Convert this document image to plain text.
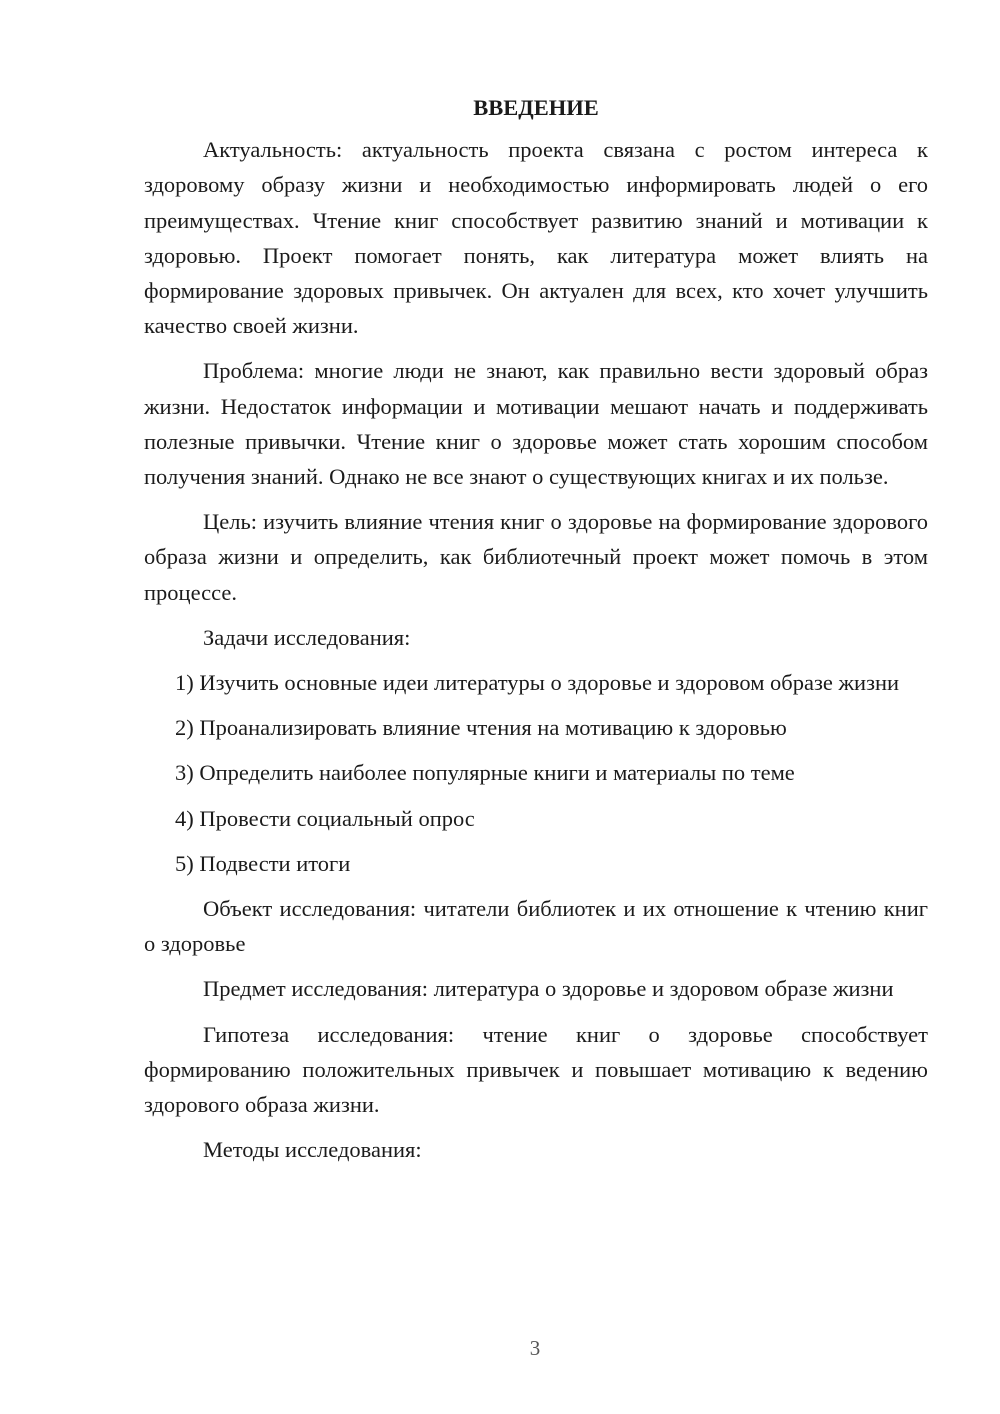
ВВЕДЕНИЕ

Актуальность: актуальность проекта связана с ростом интереса к здоровому образу жизни и необходимостью информировать людей о его преимуществах. Чтение книг способствует развитию знаний и мотивации к здоровью. Проект помогает понять, как литература может влиять на формирование здоровых привычек. Он актуален для всех, кто хочет улучшить качество своей жизни.

Проблема: многие люди не знают, как правильно вести здоровый образ жизни. Недостаток информации и мотивации мешают начать и поддерживать полезные привычки. Чтение книг о здоровье может стать хорошим способом получения знаний. Однако не все знают о существующих книгах и их пользе.

Цель: изучить влияние чтения книг о здоровье на формирование здорового образа жизни и определить, как библиотечный проект может помочь в этом процессе.

Задачи исследования:

1) Изучить основные идеи литературы о здоровье и здоровом образе жизни

2) Проанализировать влияние чтения на мотивацию к здоровью

3) Определить наиболее популярные книги и материалы по теме

4) Провести социальный опрос

5) Подвести итоги

Объект исследования: читатели библиотек и их отношение к чтению книг о здоровье

Предмет исследования: литература о здоровье и здоровом образе жизни

Гипотеза исследования: чтение книг о здоровье способствует формированию положительных привычек и повышает мотивацию к ведению здорового образа жизни.

Методы исследования:

3
